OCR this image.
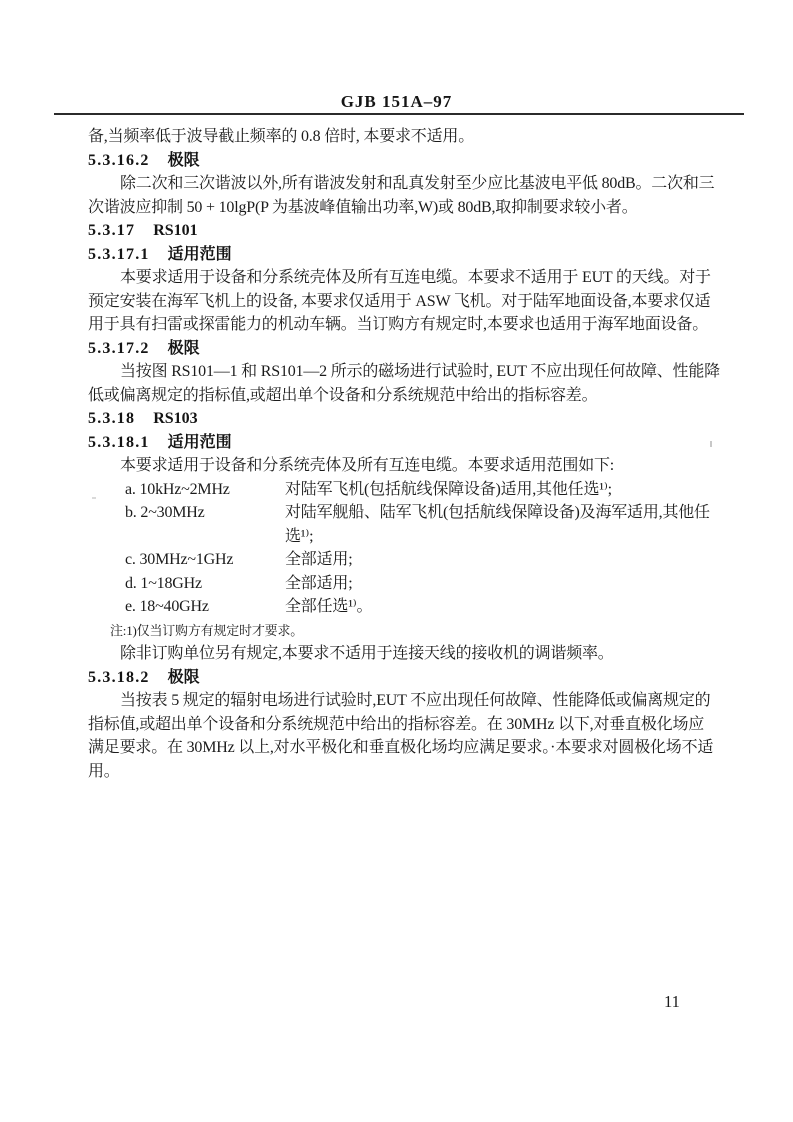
GJB 151A–97
备,当频率低于波导截止频率的 0.8 倍时, 本要求不适用。
5.3.16.2 极限
除二次和三次谐波以外,所有谐波发射和乱真发射至少应比基波电平低 80dB。二次和三
次谐波应抑制 50 + 10lgP(P 为基波峰值输出功率,W)或 80dB,取抑制要求较小者。
5.3.17 RS101
5.3.17.1 适用范围
本要求适用于设备和分系统壳体及所有互连电缆。本要求不适用于 EUT 的天线。对于
预定安装在海军飞机上的设备, 本要求仅适用于 ASW 飞机。对于陆军地面设备,本要求仅适
用于具有扫雷或探雷能力的机动车辆。当订购方有规定时,本要求也适用于海军地面设备。
5.3.17.2 极限
当按图 RS101—1 和 RS101—2 所示的磁场进行试验时, EUT 不应出现任何故障、性能降
低或偏离规定的指标值,或超出单个设备和分系统规范中给出的指标容差。
5.3.18 RS103
5.3.18.1 适用范围
本要求适用于设备和分系统壳体及所有互连电缆。本要求适用范围如下:
a. 10kHz~2MHz	对陆军飞机(包括航线保障设备)适用,其他任选¹⁾;
b. 2~30MHz	对陆军舰船、陆军飞机(包括航线保障设备)及海军适用,其他任
选¹⁾;
c. 30MHz~1GHz	全部适用;
d. 1~18GHz	全部适用;
e. 18~40GHz	全部任选¹⁾。
注:1)仅当订购方有规定时才要求。
除非订购单位另有规定,本要求不适用于连接天线的接收机的调谐频率。
5.3.18.2 极限
当按表 5 规定的辐射电场进行试验时,EUT 不应出现任何故障、性能降低或偏离规定的
指标值,或超出单个设备和分系统规范中给出的指标容差。在 30MHz 以下,对垂直极化场应
满足要求。在 30MHz 以上,对水平极化和垂直极化场均应满足要求。·本要求对圆极化场不适
用。
11
